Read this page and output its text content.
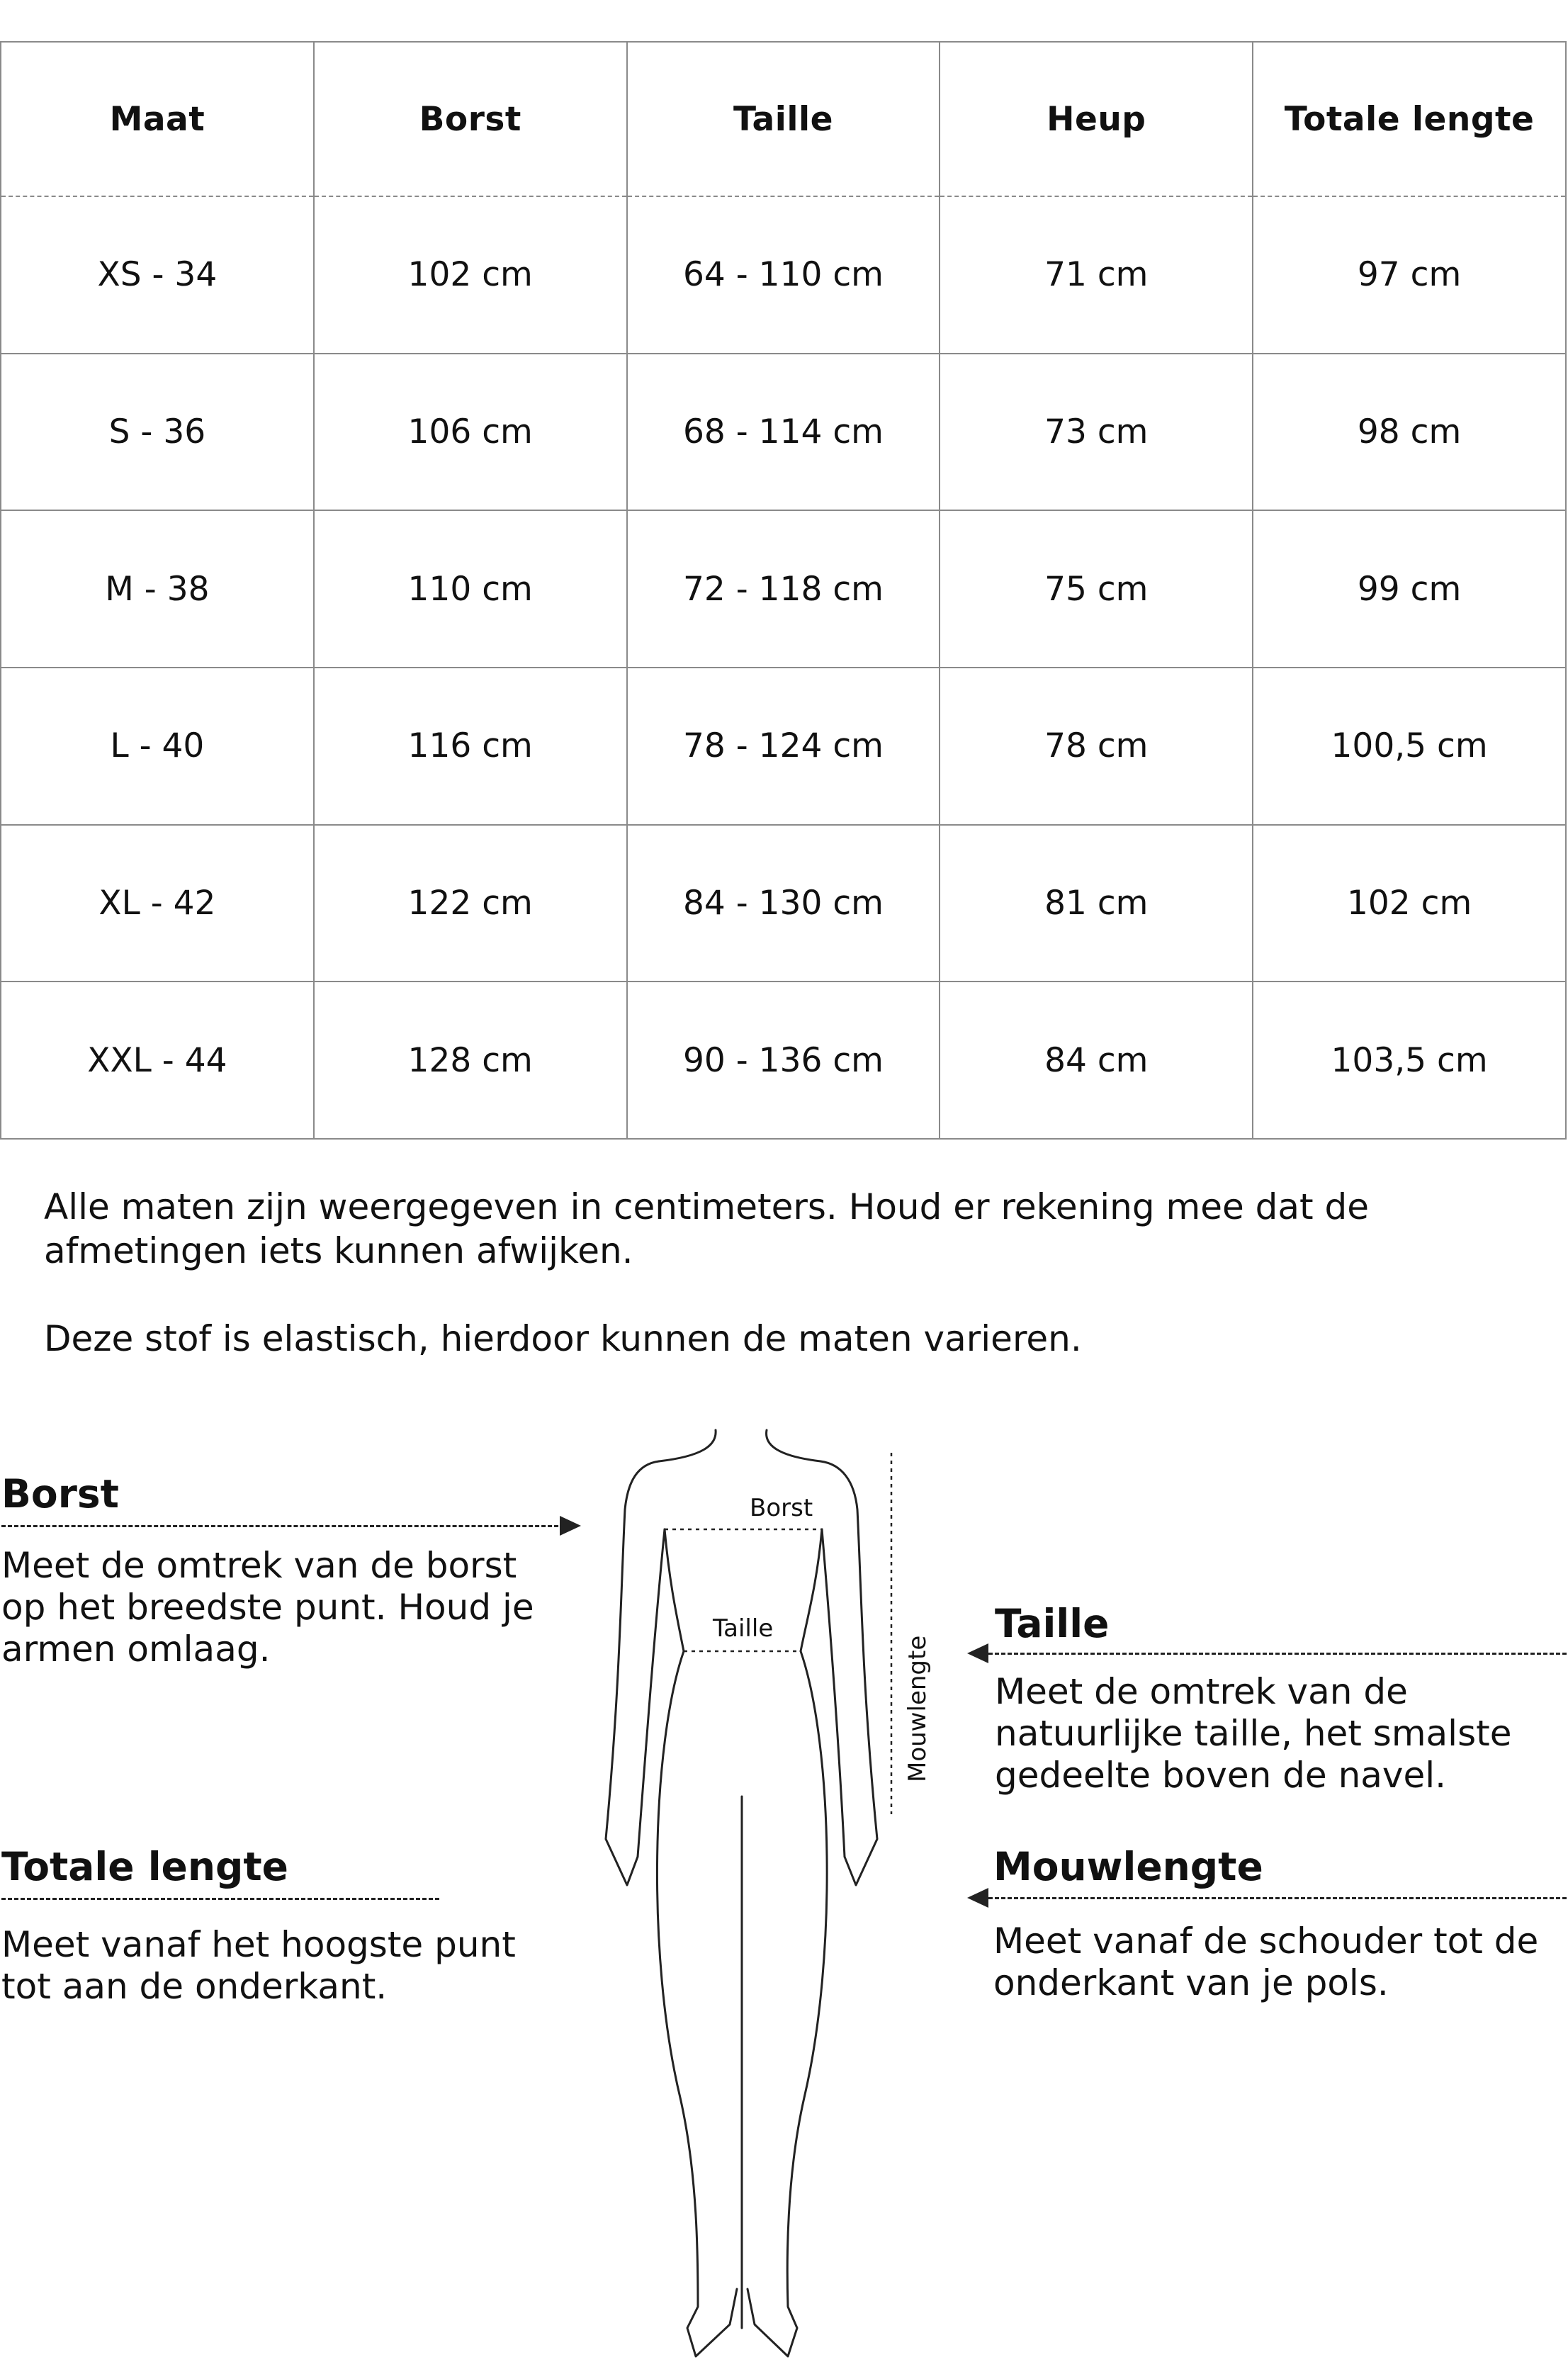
Maat	Borst	Taille	Heup	Totale lengte
XS - 34	102 cm	64 - 110 cm	71 cm	97 cm
S - 36	106 cm	68 - 114 cm	73 cm	98 cm
M - 38	110 cm	72 - 118 cm	75 cm	99 cm
L - 40	116 cm	78 - 124 cm	78 cm	100,5 cm
XL - 42	122 cm	84 - 130 cm	81 cm	102 cm
XXL - 44	128 cm	90 - 136 cm	84 cm	103,5 cm

Alle maten zijn weergegeven in centimeters. Houd er rekening mee dat de afmetingen iets kunnen afwijken.

Deze stof is elastisch, hierdoor kunnen de maten varieren.

Borst
Meet de omtrek van de borst op het breedste punt. Houd je armen omlaag.
Taille
Meet de omtrek van de natuurlijke taille, het smalste gedeelte boven de navel.
Totale lengte
Meet vanaf het hoogste punt tot aan de onderkant.
Mouwlengte
Meet vanaf de schouder tot de onderkant van je pols.
Borst
Taille
Mouwlengte
